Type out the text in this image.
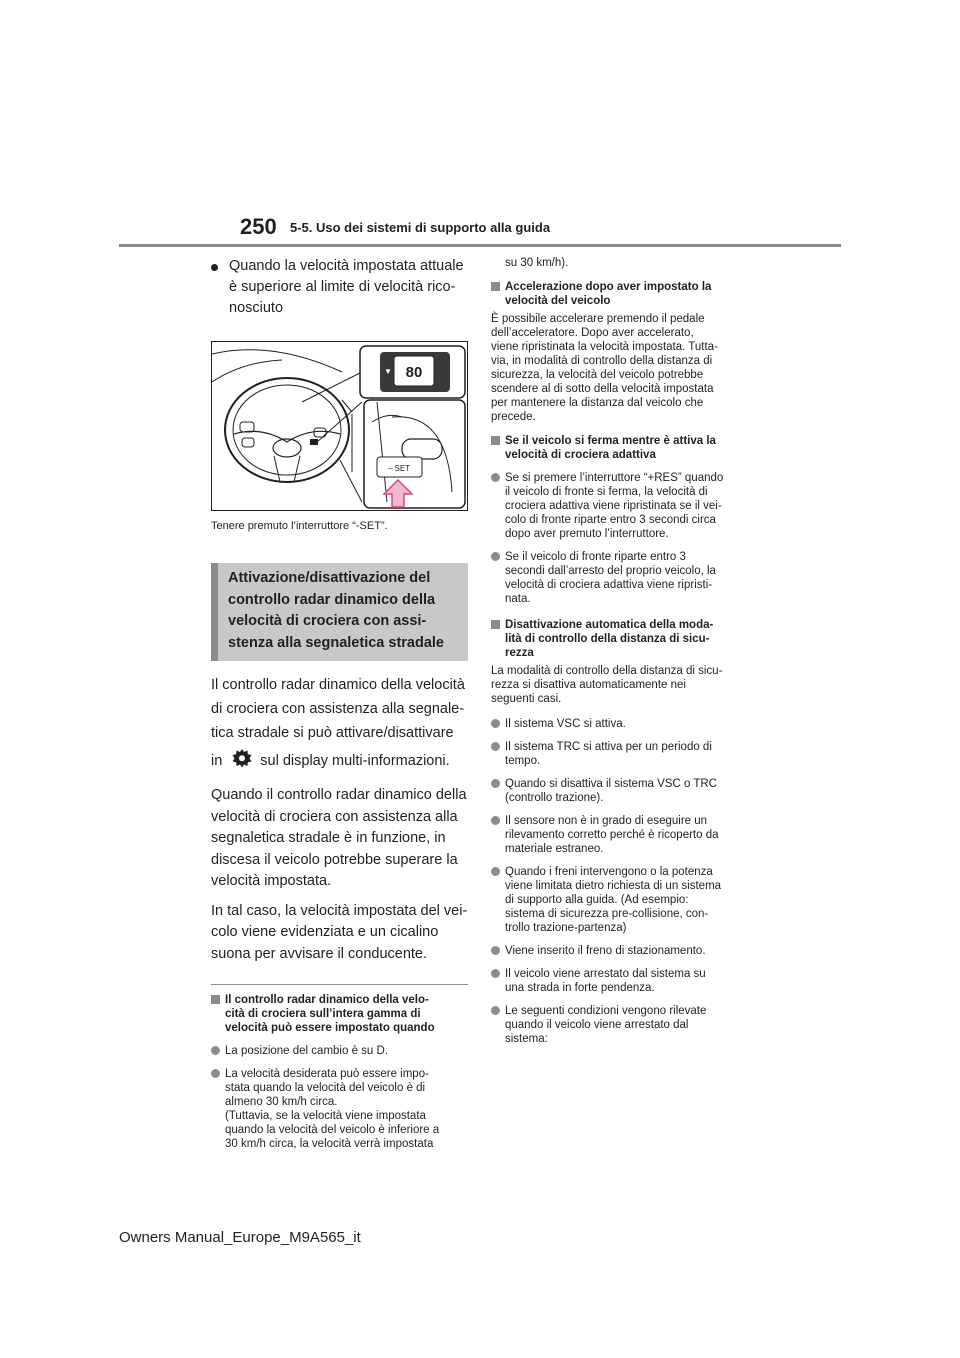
250 5-5. Uso dei sistemi di supporto alla guida
Quando la velocità impostata attuale
è superiore al limite di velocità rico-
nosciuto
80
▼
– SET
Tenere premuto l’interruttore “-SET”.
Attivazione/disattivazione del
controllo radar dinamico della
velocità di crociera con assi-
stenza alla segnaletica stradale
Il controllo radar dinamico della velocità
di crociera con assistenza alla segnale-
tica stradale si può attivare/disattivare
in	sul display multi-informazioni.
Quando il controllo radar dinamico della
velocità di crociera con assistenza alla
segnaletica stradale è in funzione, in
discesa il veicolo potrebbe superare la
velocità impostata.
In tal caso, la velocità impostata del vei-
colo viene evidenziata e un cicalino
suona per avvisare il conducente.
Il controllo radar dinamico della velo-
cità di crociera sull’intera gamma di
velocità può essere impostato quando
La posizione del cambio è su D.
La velocità desiderata può essere impo-
stata quando la velocità del veicolo è di
almeno 30 km/h circa.
(Tuttavia, se la velocità viene impostata
quando la velocità del veicolo è inferiore a
30 km/h circa, la velocità verrà impostata
su 30 km/h).
Accelerazione dopo aver impostato la
velocità del veicolo
È possibile accelerare premendo il pedale
dell’acceleratore. Dopo aver accelerato,
viene ripristinata la velocità impostata. Tutta-
via, in modalità di controllo della distanza di
sicurezza, la velocità del veicolo potrebbe
scendere al di sotto della velocità impostata
per mantenere la distanza dal veicolo che
precede.
Se il veicolo si ferma mentre è attiva la
velocità di crociera adattiva
Se si premere l’interruttore “+RES” quando
il veicolo di fronte si ferma, la velocità di
crociera adattiva viene ripristinata se il vei-
colo di fronte riparte entro 3 secondi circa
dopo aver premuto l’interruttore.
Se il veicolo di fronte riparte entro 3
secondi dall’arresto del proprio veicolo, la
velocità di crociera adattiva viene ripristi-
nata.
Disattivazione automatica della moda-
lità di controllo della distanza di sicu-
rezza
La modalità di controllo della distanza di sicu-
rezza si disattiva automaticamente nei
seguenti casi.
Il sistema VSC si attiva.
Il sistema TRC si attiva per un periodo di
tempo.
Quando si disattiva il sistema VSC o TRC
(controllo trazione).
Il sensore non è in grado di eseguire un
rilevamento corretto perché è ricoperto da
materiale estraneo.
Quando i freni intervengono o la potenza
viene limitata dietro richiesta di un sistema
di supporto alla guida. (Ad esempio:
sistema di sicurezza pre-collisione, con-
trollo trazione-partenza)
Viene inserito il freno di stazionamento.
Il veicolo viene arrestato dal sistema su
una strada in forte pendenza.
Le seguenti condizioni vengono rilevate
quando il veicolo viene arrestato dal
sistema:
Owners Manual_Europe_M9A565_it
